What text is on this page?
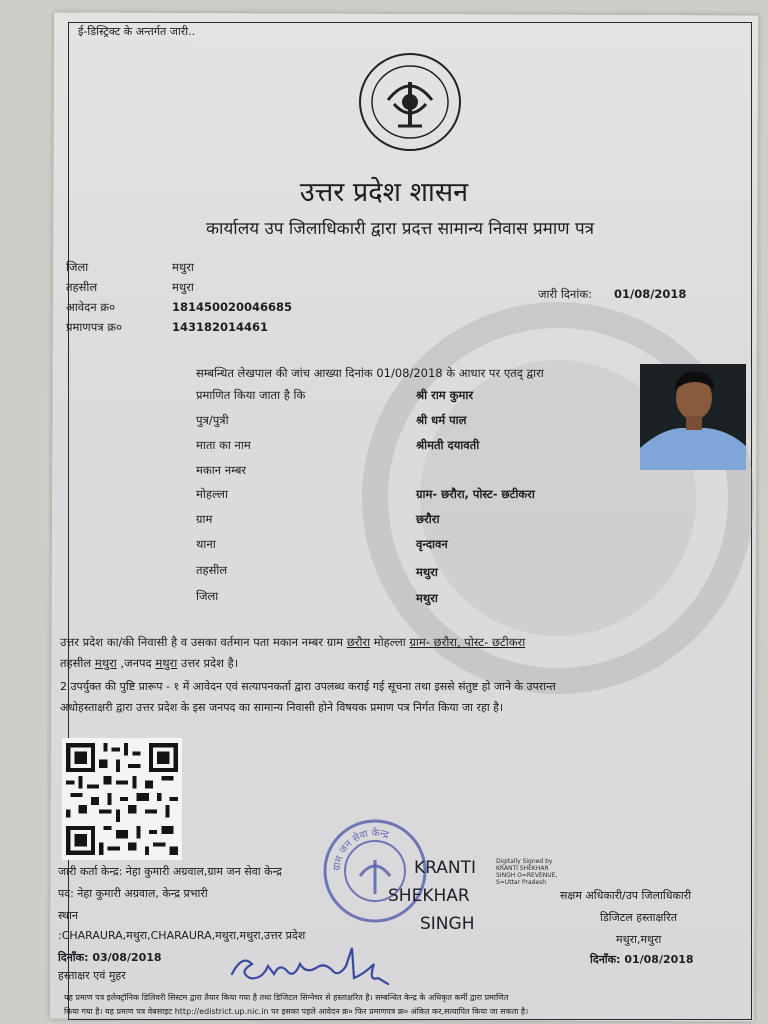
ई-डिस्ट्रिक्ट के अन्तर्गत जारी..
उत्तर प्रदेश शासन
कार्यालय उप जिलाधिकारी द्वारा प्रदत्त सामान्य निवास प्रमाण पत्र
जिला	मथुरा
तहसील	मथुरा
आवेदन क्र०	181450020046685
प्रमाणपत्र क्र०	143182014461
जारी दिनांक: 01/08/2018
सम्बन्धित लेखपाल की जांच आख्या दिनांक 01/08/2018 के आधार पर एतद् द्वारा
प्रमाणित किया जाता है कि	श्री राम कुमार
पुत्र/पुत्री	श्री धर्म पाल
माता का नाम	श्रीमती दयावती
मकान नम्बर
मोहल्ला	ग्राम- छरौरा, पोस्ट- छटीकरा
ग्राम	छरौरा
थाना	वृन्दावन
तहसील	मथुरा
जिला	मथुरा
उत्तर प्रदेश का/की निवासी है व उसका वर्तमान पता मकान नम्बर ग्राम छरौरा मोहल्ला ग्राम- छरौरा, पोस्ट- छटीकरा
तहसील मथुरा ,जनपद मथुरा उत्तर प्रदेश है।
2.उपर्युक्त की पुष्टि प्रारूप - १ में आवेदन एवं सत्यापनकर्ता द्वारा उपलब्ध कराई गई सूचना तथा इससे संतुष्ट हो जाने के उपरान्त
अधोहस्ताक्षरी द्वारा उत्तर प्रदेश के इस जनपद का सामान्य निवासी होने विषयक प्रमाण पत्र निर्गत किया जा रहा है।
जारी कर्ता केन्द्र: नेहा कुमारी अग्रवाल,ग्राम जन सेवा केन्द्र
पद: नेहा कुमारी अग्रवाल, केन्द्र प्रभारी
स्थान
:CHARAURA,मथुरा,CHARAURA,मथुरा,मथुरा,उत्तर प्रदेश
दिनाँक: 03/08/2018
हस्ताक्षर एवं मुहर
ग्राम जन सेवा केन्द्र
KRANTI
SHEKHAR
SINGH
Digitally Signed by KRANTI SHEKHAR SINGH O=REVENUE, S=Uttar Pradesh
सक्षम अधिकारी/उप जिलाधिकारी
डिजिटल हस्ताक्षरित
मथुरा,मथुरा
दिनाँक: 01/08/2018
यह प्रमाण पत्र इलेक्ट्रॉनिक डिलिवरी सिस्टम द्वारा तैयार किया गया है तथा डिजिटल सिग्नेचर से हस्ताक्षरित है। सम्बन्धित केन्द्र के अधिकृत कर्मी द्वारा प्रमाणित
किया गया है। यह प्रमाण पत्र वेबसाइट http://edistrict.up.nic.in पर इसका पहले आवेदन क्र० फिर प्रमाणपत्र क्र० अंकित कर,सत्यापित किया जा सकता है।
